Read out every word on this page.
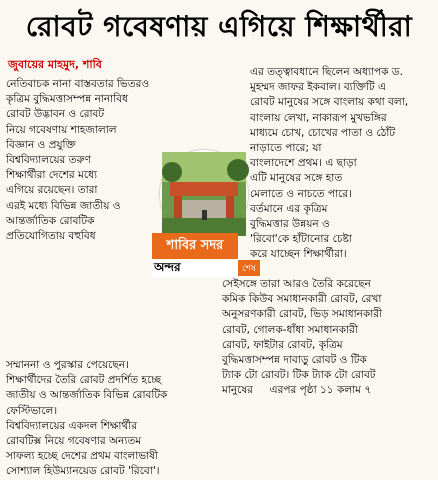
রোবট গবেষণায় এগিয়ে শিক্ষার্থীরা
জুবায়ের মাহমুদ, শাবি
নেতিবাচক নানা বাস্তবতার ভিতরও
কৃত্রিম বুদ্ধিমত্তাসম্পন্ন নানাবিধ
রোবট উদ্ভাবন ও রোবট
নিয়ে গবেষণায় শাহজালাল
বিজ্ঞান ও প্রযুক্তি
বিশ্ববিদ্যালয়ের তরুণ
শিক্ষার্থীরা দেশের মধ্যে
এগিয়ে রয়েছেন। তারা
এরই মধ্যে বিভিন্ন জাতীয় ও
আন্তর্জাতিক রোবটিক
প্রতিযোগিতায় বহুবিধ
এর তত্ত্বাবধানে ছিলেন অধ্যাপক ড.
মুহম্মদ জাফর ইকবাল। ব্যক্তিটি এ
রোবট মানুষের সঙ্গে বাংলায় কথা বলা,
বাংলায় লেখা, নাকারূপ মুখভঙ্গির
মাধ্যমে চোখ, চোখের পাতা ও ঠোঁট
নাড়াতে পারে; যা
বাংলাদেশে প্রথম। এ ছাড়া
এটি মানুষের সঙ্গে হাত
মেলাতে ও নাচতে পারে।
বর্তমানে এর কৃত্রিম
বুদ্ধিমত্তার উন্নয়ন ও
'রিবো'কে হাঁটানোর চেষ্টা
করে যাচ্ছেন শিক্ষার্থীরা।
শাবির সদর
অন্দর	শেষ
সম্মাননা ও পুরস্কার পেয়েছেন।
শিক্ষার্থীদের তৈরি রোবট প্রদর্শিত হচ্ছে
জাতীয় ও আন্তর্জাতিক বিভিন্ন রোবটিক
ফেস্টিভালে।
বিশ্ববিদ্যালয়ের একদল শিক্ষার্থীর
রোবটিক্স নিয়ে গবেষণার অন্যতম
সাফল্য হচ্ছে দেশের প্রথম বাংলাভাষী
সোশ্যাল হিউম্যানয়েড রোবট 'রিবো'।
সেইসঙ্গে তারা আরও তৈরি করেছেন
কমিক কিউব সমাধানকারী রোবট, রেখা
অনুসরণকারী রোবট, ভিড় সমাধানকারী
রোবট, গোলক-ধাঁধা সমাধানকারী
রোবট, ফাইটার রোবট, কৃত্রিম
বুদ্ধিমত্তাসম্পন্ন দাবাড়ু রোবট ও টিক
ট্যাক টো রোবট। টিক ট্যাক টো রোবট
মানুষের এরপর পৃষ্ঠা ১১ কলাম ৭
